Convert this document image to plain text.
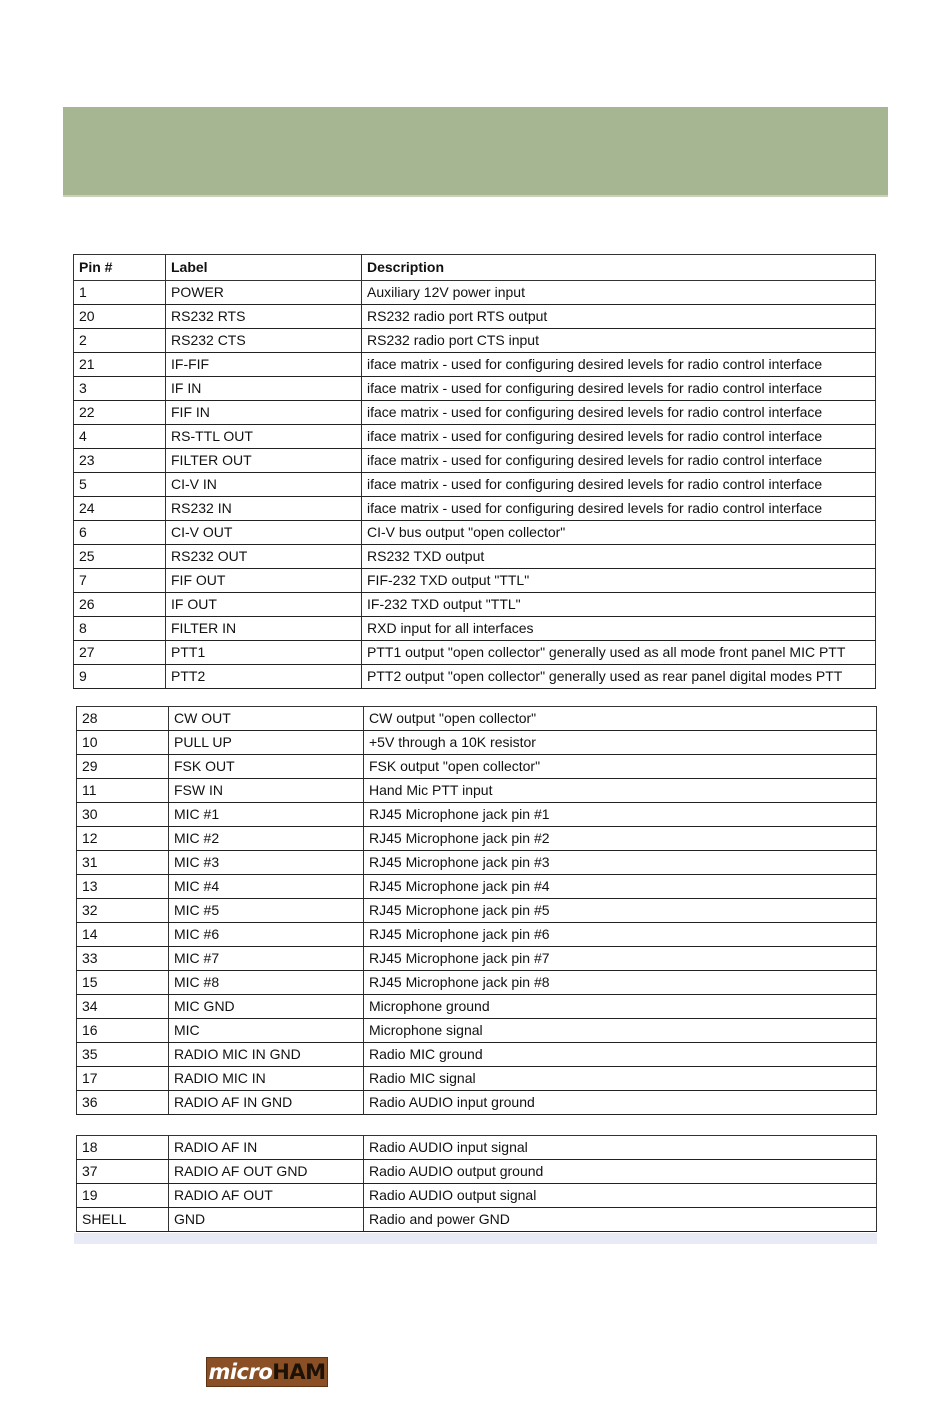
Pin #	Label	Description
1	POWER	Auxiliary 12V power input
20	RS232 RTS	RS232 radio port RTS output
2	RS232 CTS	RS232 radio port CTS input
21	IF-FIF	iface matrix - used for configuring desired levels for radio control interface
3	IF IN	iface matrix - used for configuring desired levels for radio control interface
22	FIF IN	iface matrix - used for configuring desired levels for radio control interface
4	RS-TTL OUT	iface matrix - used for configuring desired levels for radio control interface
23	FILTER OUT	iface matrix - used for configuring desired levels for radio control interface
5	CI-V IN	iface matrix - used for configuring desired levels for radio control interface
24	RS232 IN	iface matrix - used for configuring desired levels for radio control interface
6	CI-V OUT	CI-V bus output "open collector"
25	RS232 OUT	RS232 TXD output
7	FIF OUT	FIF-232 TXD output "TTL"
26	IF OUT	IF-232 TXD output "TTL"
8	FILTER IN	RXD input for all interfaces
27	PTT1	PTT1 output "open collector" generally used as all mode front panel MIC PTT
9	PTT2	PTT2 output "open collector" generally used as rear panel digital modes PTT
28	CW OUT	CW output "open collector"
10	PULL UP	+5V through a 10K resistor
29	FSK OUT	FSK output "open collector"
11	FSW IN	Hand Mic PTT input
30	MIC #1	RJ45 Microphone jack pin #1
12	MIC #2	RJ45 Microphone jack pin #2
31	MIC #3	RJ45 Microphone jack pin #3
13	MIC #4	RJ45 Microphone jack pin #4
32	MIC #5	RJ45 Microphone jack pin #5
14	MIC #6	RJ45 Microphone jack pin #6
33	MIC #7	RJ45 Microphone jack pin #7
15	MIC #8	RJ45 Microphone jack pin #8
34	MIC GND	Microphone ground
16	MIC	Microphone signal
35	RADIO MIC IN GND	Radio MIC ground
17	RADIO MIC IN	Radio MIC signal
36	RADIO AF IN GND	Radio AUDIO input ground
18	RADIO AF IN	Radio AUDIO input signal
37	RADIO AF OUT GND	Radio AUDIO output ground
19	RADIO AF OUT	Radio AUDIO output signal
SHELL	GND	Radio and power GND
micro HAM
